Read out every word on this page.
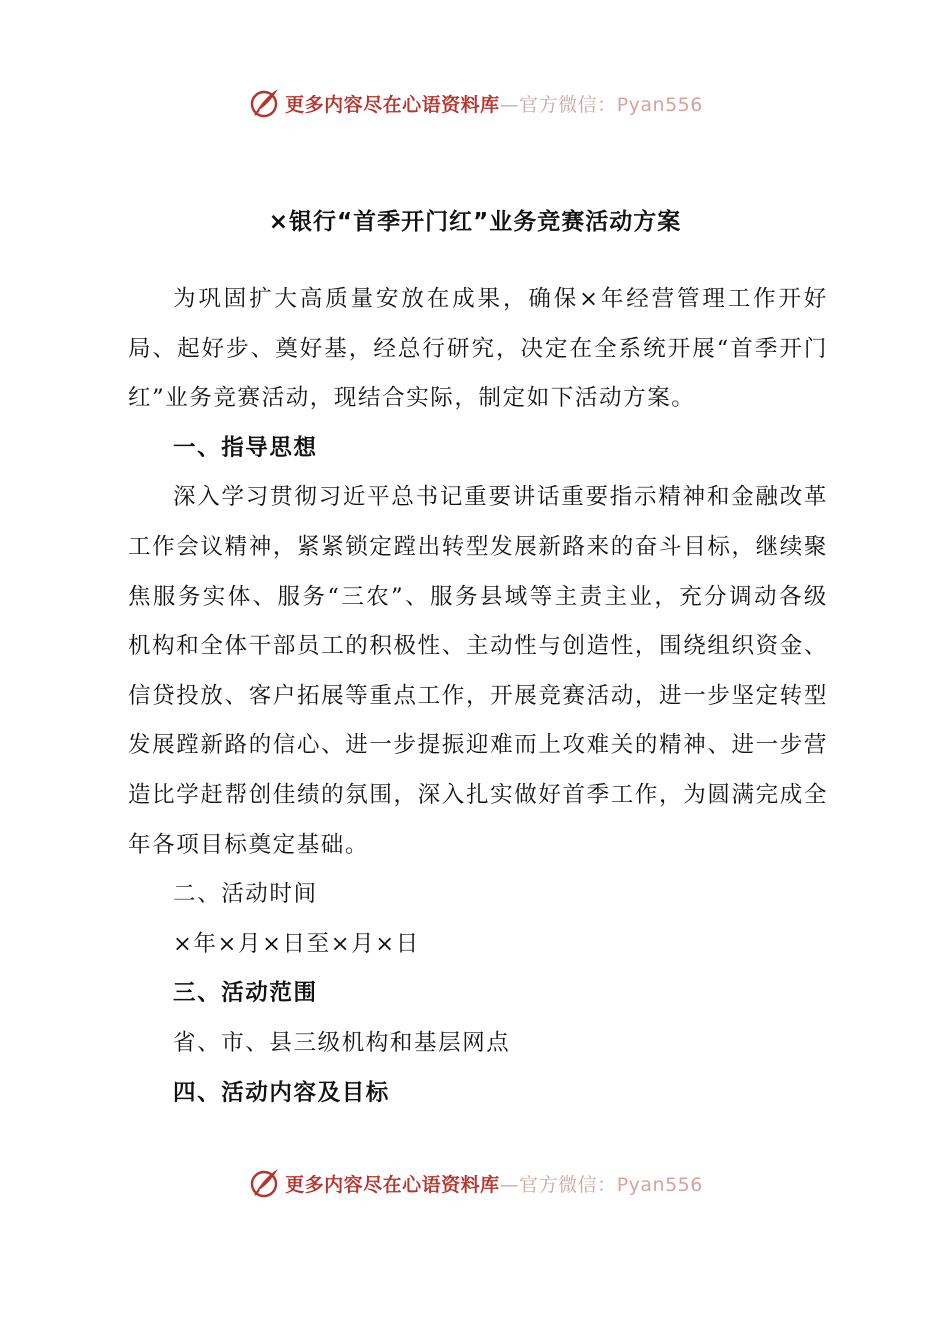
更多内容尽在心语资料库—官方微信：Pyan556
×银行“首季开门红”业务竞赛活动方案

为巩固扩大高质量安放在成果，确保×年经营管理工作开好局、起好步、奠好基，经总行研究，决定在全系统开展“首季开门红”业务竞赛活动，现结合实际，制定如下活动方案。

一、指导思想

深入学习贯彻习近平总书记重要讲话重要指示精神和金融改革工作会议精神，紧紧锁定蹚出转型发展新路来的奋斗目标，继续聚焦服务实体、服务“三农”、服务县域等主责主业，充分调动各级机构和全体干部员工的积极性、主动性与创造性，围绕组织资金、信贷投放、客户拓展等重点工作，开展竞赛活动，进一步坚定转型发展蹚新路的信心、进一步提振迎难而上攻难关的精神、进一步营造比学赶帮创佳绩的氛围，深入扎实做好首季工作，为圆满完成全年各项目标奠定基础。

二、活动时间

×年×月×日至×月×日

三、活动范围

省、市、县三级机构和基层网点

四、活动内容及目标

更多内容尽在心语资料库—官方微信：Pyan556
